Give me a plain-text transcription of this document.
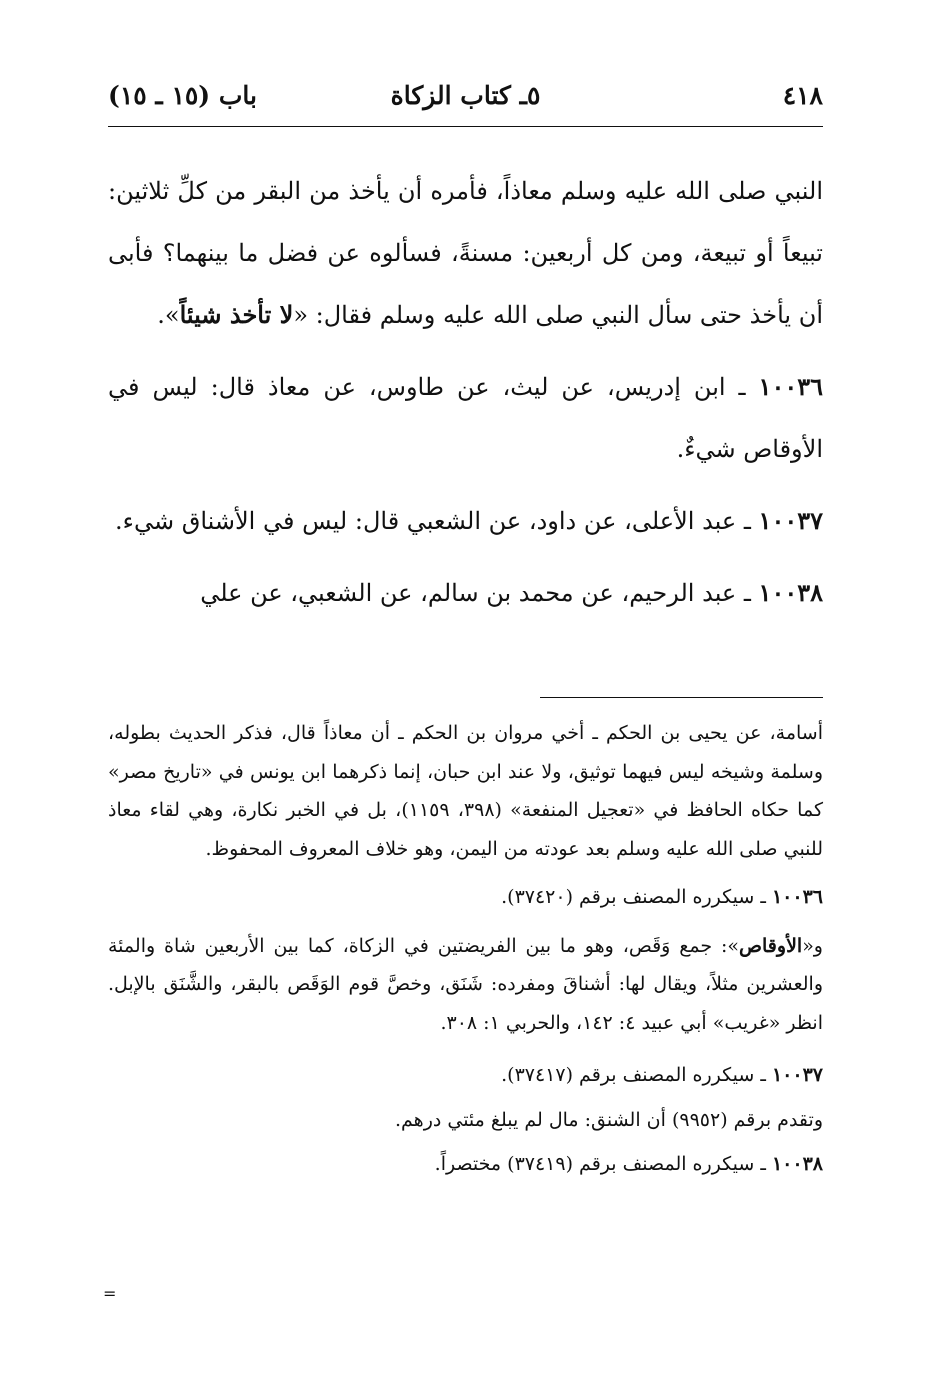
٤١٨
٥ـ كتاب الزكاة
باب (١٥ ـ ١٥)

النبي صلى الله عليه وسلم معاذاً، فأمره أن يأخذ من البقر من كلِّ ثلاثين: تبيعاً أو تبيعة، ومن كل أربعين: مسنةً، فسألوه عن فضل ما بينهما؟ فأبى أن يأخذ حتى سأل النبي صلى الله عليه وسلم فقال: «لا تأخذ شيئاً».

١٠٠٣٦ ـ ابن إدريس، عن ليث، عن طاوس، عن معاذ قال: ليس في الأوقاص شيءٌ.

١٠٠٣٧ ـ عبد الأعلى، عن داود، عن الشعبي قال: ليس في الأشناق شيء.

١٠٠٣٨ ـ عبد الرحيم، عن محمد بن سالم، عن الشعبي، عن علي

أسامة، عن يحيى بن الحكم ـ أخي مروان بن الحكم ـ أن معاذاً قال، فذكر الحديث بطوله، وسلمة وشيخه ليس فيهما توثيق، ولا عند ابن حبان، إنما ذكرهما ابن يونس في «تاريخ مصر» كما حكاه الحافظ في «تعجيل المنفعة» (٣٩٨، ١١٥٩)، بل في الخبر نكارة، وهي لقاء معاذ للنبي صلى الله عليه وسلم بعد عودته من اليمن، وهو خلاف المعروف المحفوظ.

١٠٠٣٦ ـ سيكرره المصنف برقم (٣٧٤٢٠).

و«الأوقاص»: جمع وَقَص، وهو ما بين الفريضتين في الزكاة، كما بين الأربعين شاة والمئة والعشرين مثلاً، ويقال لها: أشناقَ ومفرده: شَنَق، وخصَّ قوم الوَقَص بالبقر، والشَّنَق بالإبل. انظر «غريب» أبي عبيد ٤: ١٤٢، والحربي ١: ٣٠٨.

١٠٠٣٧ ـ سيكرره المصنف برقم (٣٧٤١٧).

وتقدم برقم (٩٩٥٢) أن الشنق: مال لم يبلغ مئتي درهم.

١٠٠٣٨ ـ سيكرره المصنف برقم (٣٧٤١٩) مختصراً.

=
